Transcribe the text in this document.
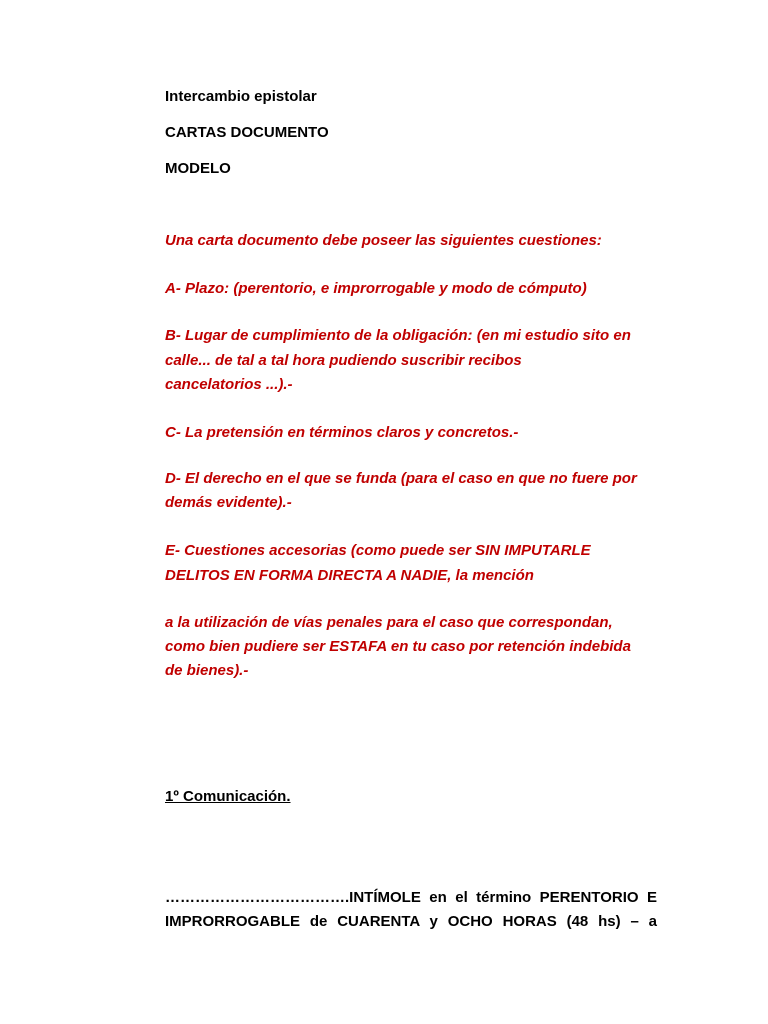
Intercambio epistolar
CARTAS DOCUMENTO
MODELO
Una carta documento debe poseer las siguientes cuestiones:
A- Plazo: (perentorio, e improrrogable y modo de cómputo)
B- Lugar de cumplimiento de la obligación: (en mi estudio sito en
calle... de tal a tal hora pudiendo suscribir recibos
cancelatorios ...).-
C- La pretensión en términos claros y concretos.-
D- El derecho en el que se funda (para el caso en que no fuere por
demás evidente).-
E- Cuestiones accesorias (como puede ser SIN IMPUTARLE
DELITOS EN FORMA DIRECTA A NADIE, la mención
a la utilización de vías penales para el caso que correspondan,
como bien pudiere ser ESTAFA en tu caso por retención indebida
de bienes).-
1º Comunicación.
……………………………….INTÍMOLE en el término PERENTORIO E
IMPRORROGABLE de CUARENTA y OCHO HORAS (48 hs) – a
